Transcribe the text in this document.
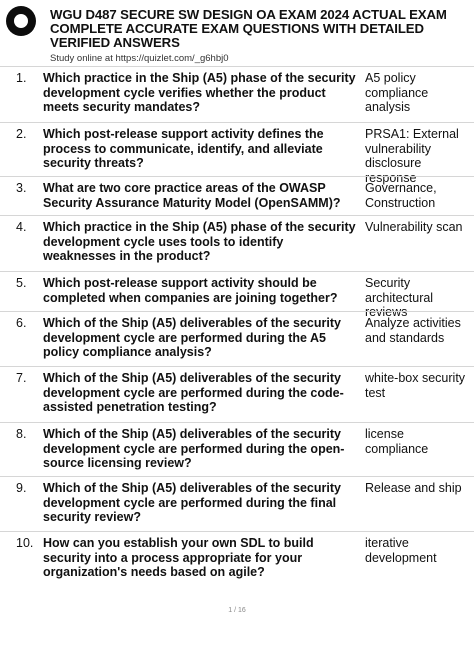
WGU D487 SECURE SW DESIGN OA EXAM 2024 ACTUAL EXAM COMPLETE ACCURATE EXAM QUESTIONS WITH DETAILED VERIFIED ANSWERS

Study online at https://quizlet.com/_g6hbj0
1.	Which practice in the Ship (A5) phase of the security development cycle verifies whether the product meets security mandates?
A5 policy compliance analysis
2.	Which post-release support activity defines the process to communicate, identify, and alleviate security threats?
PRSA1: External vulnerability disclosure response
3.	What are two core practice areas of the OWASP Security Assurance Maturity Model (OpenSAMM)?
Governance, Construction
4.	Which practice in the Ship (A5) phase of the security development cycle uses tools to identify weaknesses in the product?
Vulnerability scan
5.	Which post-release support activity should be completed when companies are joining together?
Security architectural reviews
6.	Which of the Ship (A5) deliverables of the security development cycle are performed during the A5 policy compliance analysis?
Analyze activities and standards
7.	Which of the Ship (A5) deliverables of the security development cycle are performed during the code-assisted penetration testing?
white-box security test
8.	Which of the Ship (A5) deliverables of the security development cycle are performed during the open-source licensing review?
license compliance
9.	Which of the Ship (A5) deliverables of the security development cycle are performed during the final security review?
Release and ship
10. How can you establish your own SDL to build security into a process appropriate for your organization's needs based on agile?
iterative development
1 / 16
